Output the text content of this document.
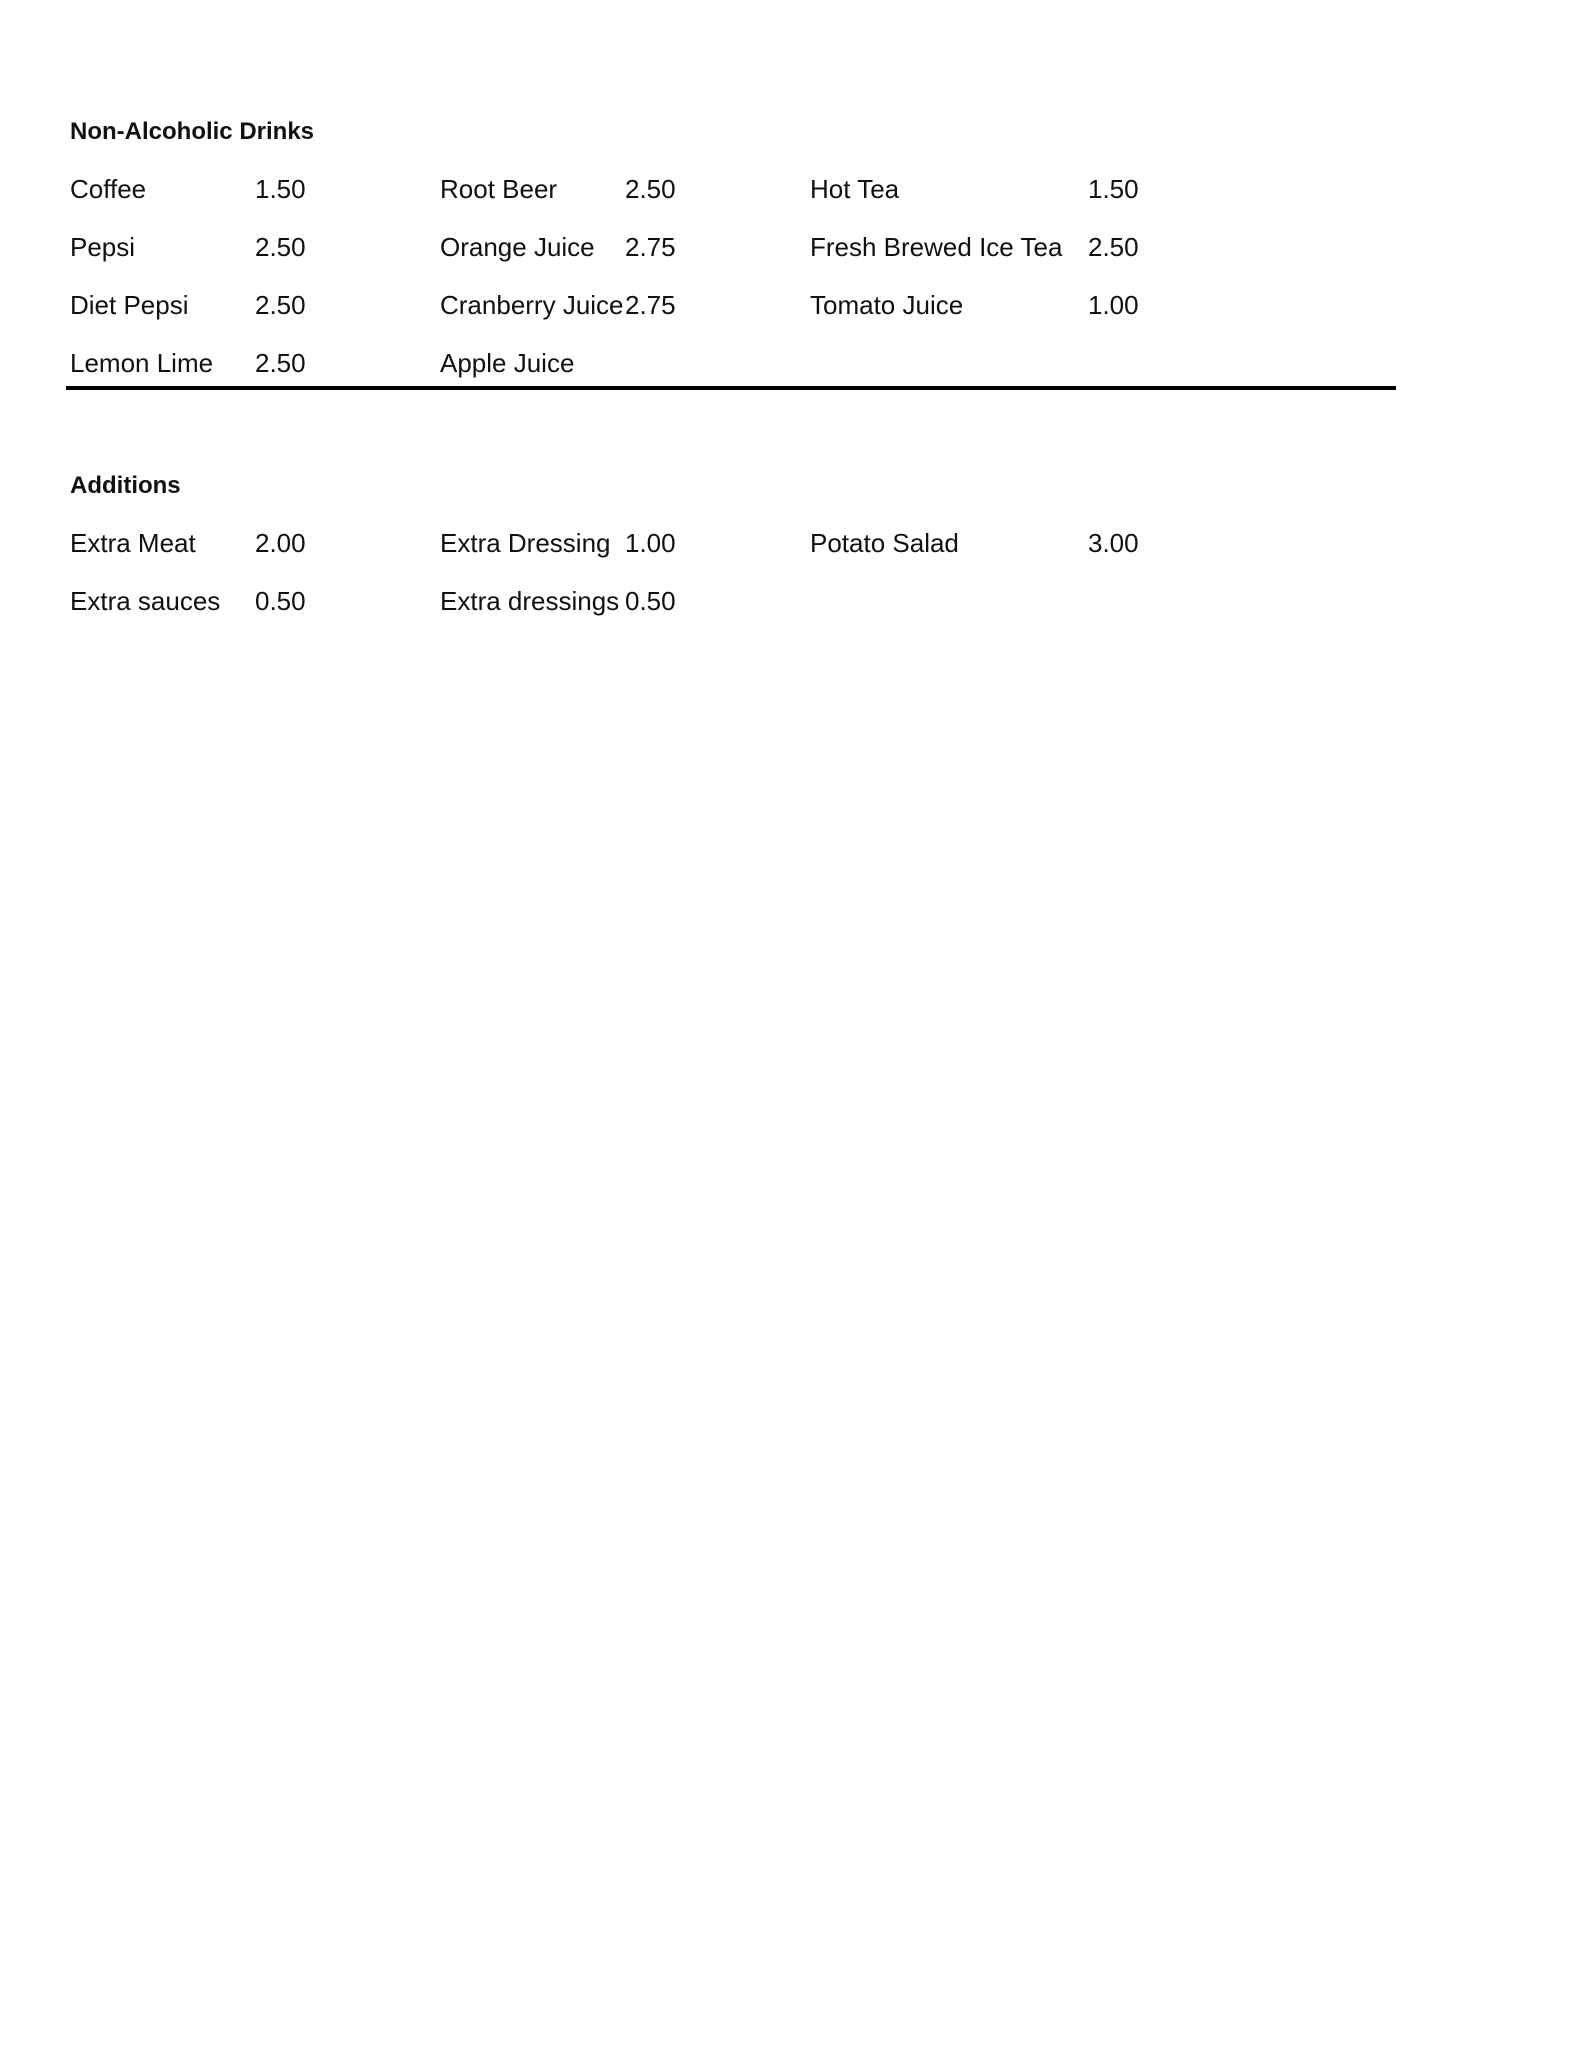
Non-Alcoholic Drinks
Coffee	1.50	Root Beer	2.50	Hot Tea	1.50
Pepsi	2.50	Orange Juice 2.75	Fresh Brewed Ice Tea 2.50
Diet Pepsi	2.50	Cranberry Juice 2.75	Tomato Juice	1.00
Lemon Lime 2.50	Apple Juice
Additions
Extra Meat 2.00	Extra Dressing 1.00	Potato Salad	3.00
Extra sauces 0.50	Extra dressings 0.50
